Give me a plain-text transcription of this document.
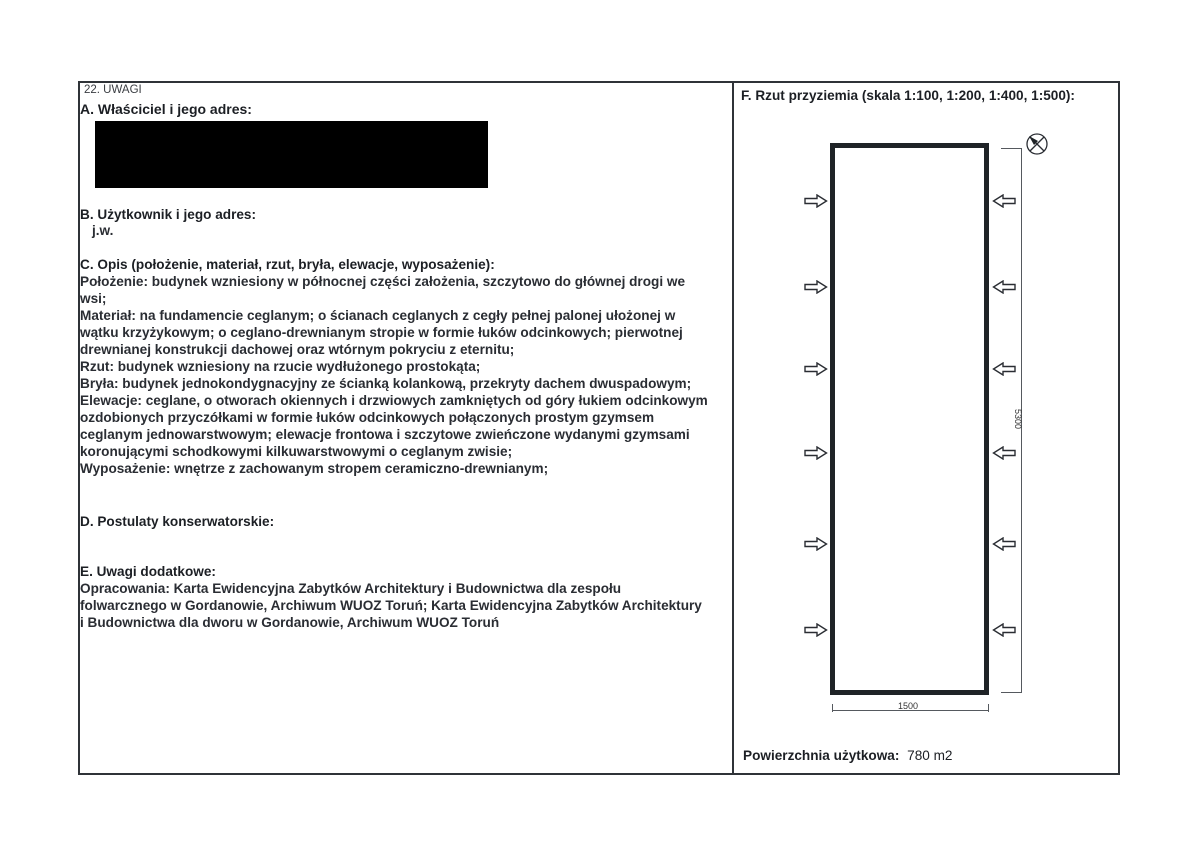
22. UWAGI
A. Właściciel i jego adres:
B. Użytkownik i jego adres:
j.w.
C. Opis (położenie, materiał, rzut, bryła, elewacje, wyposażenie):
Położenie: budynek wzniesiony w północnej części założenia, szczytowo do głównej drogi we
wsi;
Materiał: na fundamencie ceglanym; o ścianach ceglanych z cegły pełnej palonej ułożonej w
wątku krzyżykowym; o ceglano-drewnianym stropie w formie łuków odcinkowych; pierwotnej
drewnianej konstrukcji dachowej oraz wtórnym pokryciu z eternitu;
Rzut: budynek wzniesiony na rzucie wydłużonego prostokąta;
Bryła: budynek jednokondygnacyjny ze ścianką kolankową, przekryty dachem dwuspadowym;
Elewacje: ceglane, o otworach okiennych i drzwiowych zamkniętych od góry łukiem odcinkowym
ozdobionych przyczółkami w formie łuków odcinkowych połączonych prostym gzymsem
ceglanym jednowarstwowym; elewacje frontowa i szczytowe zwieńczone wydanymi gzymsami
koronującymi schodkowymi kilkuwarstwowymi o ceglanym zwisie;
Wyposażenie: wnętrze z zachowanym stropem ceramiczno-drewnianym;
D. Postulaty konserwatorskie:
E. Uwagi dodatkowe:
Opracowania: Karta Ewidencyjna Zabytków Architektury i Budownictwa dla zespołu
folwarcznego w Gordanowie, Archiwum WUOZ Toruń; Karta Ewidencyjna Zabytków Architektury
i Budownictwa dla dworu w Gordanowie, Archiwum WUOZ Toruń
F. Rzut przyziemia (skala 1:100, 1:200, 1:400, 1:500):
5300
1500
Powierzchnia użytkowa: 780 m2
